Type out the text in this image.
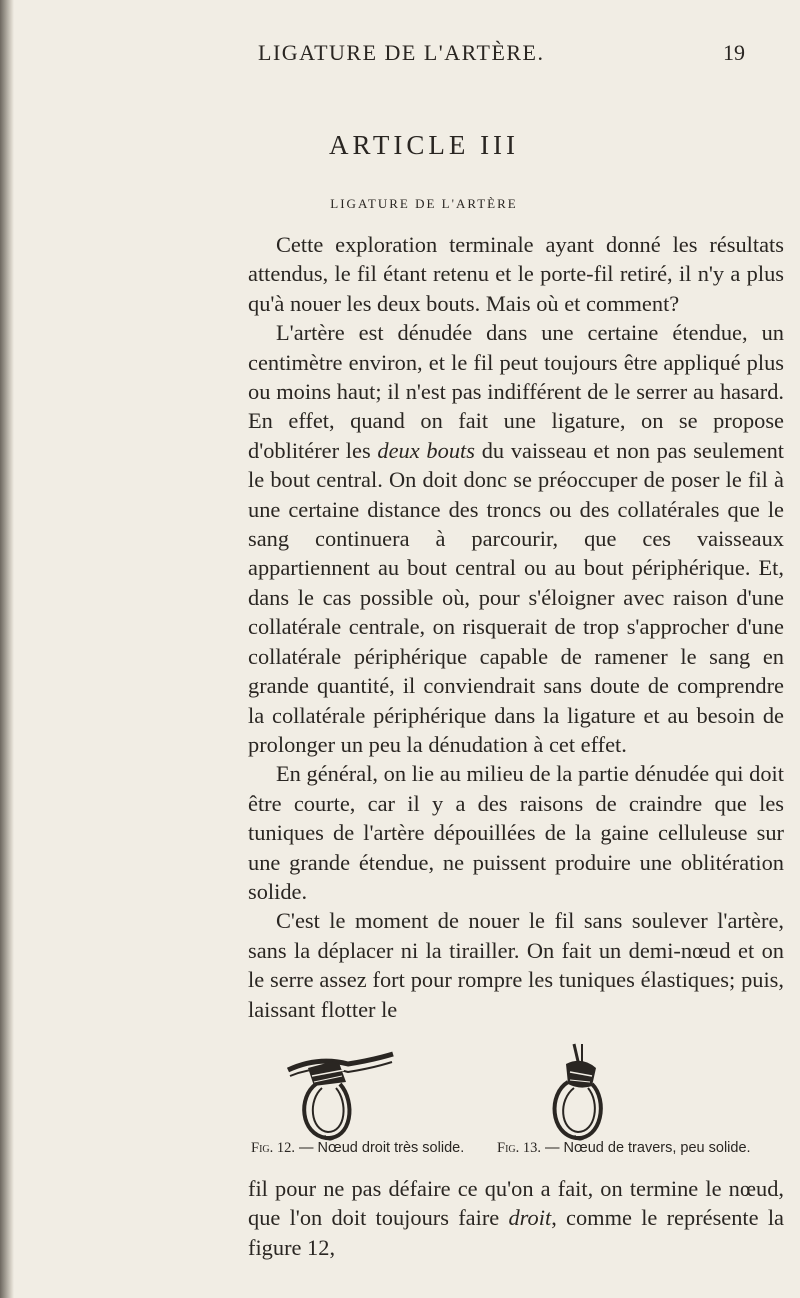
LIGATURE DE L'ARTÈRE.	19
ARTICLE III
LIGATURE DE L'ARTÈRE

Cette exploration terminale ayant donné les résultats attendus, le fil étant retenu et le porte-fil retiré, il n'y a plus qu'à nouer les deux bouts. Mais où et comment?

L'artère est dénudée dans une certaine étendue, un centimètre environ, et le fil peut toujours être appliqué plus ou moins haut; il n'est pas indifférent de le serrer au hasard. En effet, quand on fait une ligature, on se propose d'oblitérer les deux bouts du vaisseau et non pas seulement le bout central. On doit donc se préoccuper de poser le fil à une certaine distance des troncs ou des collatérales que le sang continuera à parcourir, que ces vaisseaux appartiennent au bout central ou au bout périphérique. Et, dans le cas possible où, pour s'éloigner avec raison d'une collatérale centrale, on risquerait de trop s'approcher d'une collatérale périphérique capable de ramener le sang en grande quantité, il conviendrait sans doute de comprendre la collatérale périphérique dans la ligature et au besoin de prolonger un peu la dénudation à cet effet.

En général, on lie au milieu de la partie dénudée qui doit être courte, car il y a des raisons de craindre que les tuniques de l'artère dépouillées de la gaine celluleuse sur une grande étendue, ne puissent produire une oblitération solide.

C'est le moment de nouer le fil sans soulever l'artère, sans la déplacer ni la tirailler. On fait un demi-nœud et on le serre assez fort pour rompre les tuniques élastiques; puis, laissant flotter le

Fig. 12. — Nœud droit très solide. Fig. 13. — Nœud de travers, peu solide.

fil pour ne pas défaire ce qu'on a fait, on termine le nœud, que l'on doit toujours faire droit, comme le représente la figure 12,
